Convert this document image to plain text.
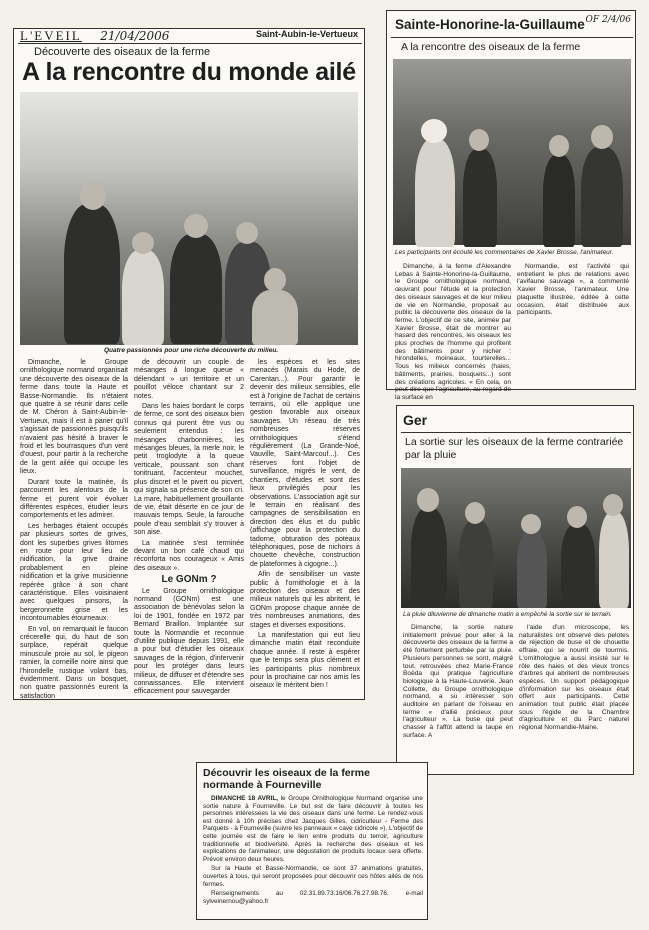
L'EVEIL 21/04/2006	Saint-Aubin-le-Vertueux
Découverte des oiseaux de la ferme
A la rencontre du monde ailé
Quatre passionnés pour une riche découverte du milieu.

Dimanche, le Groupe ornithologique normand organisait une découverte des oiseaux de la ferme dans toute la Haute et Basse-Normandie. Ils n'étaient que quatre à se réunir dans celle de M. Chéron à Saint-Aubin-le-Vertueux, mais il est à parier qu'il s'agissait de passionnés puisqu'ils n'avaient pas hésité à braver le froid et les bourrasques d'un vent d'ouest, pour partir à la recherche de la gent ailée qui occupe les lieux.

Durant toute la matinée, ils parcourent les alentours de la ferme et purent voir évoluer différentes espèces, étudier leurs comportements et les admirer.

Les herbages étaient occupés par plusieurs sortes de grives, dont les superbes grives litornes en route pour leur lieu de nidification, la grive draine probablement en pleine nidification et la grive musicienne repérée grâce à son chant caractéristique. Elles voisinaient avec quelques pinsons, la bergeronnette grise et les incontournables étourneaux.

En vol, on remarquait le faucon crécerelle qui, du haut de son surplace, repérait quelque minuscule proie au sol, le pigeon ramier, la corneille noire ainsi que l'hirondelle rustique volant bas, évidemment. Dans un bosquet, non quatre passionnés eurent la satisfaction

de découvrir un couple de mésanges à longue queue « délendant » un territoire et un pouillot véloce chantant sur 2 notes.

Dans les haies bordant le corps de ferme, ce sont des oiseaux bien connus qui purent être vus ou seulement entendus : les mésanges charbonnières, les mésanges bleues, la merle noir, le petit troglodyte à la queue verticale, poussant son chant tonitruant, l'accenteur mouchet, plus discret et le pivert ou picvert, qui signala sa présence de son cri. La mare, habituellement grouillante de vie, était déserte en ce jour de mauvais temps. Seule, la farouche poule d'eau semblait s'y trouver à son aise.

La matinée s'est terminée devant un bon café chaud qui réconforta nos courageux « Amis des oiseaux ».

Le GONm ?

Le Groupe ornithologique normand (GONm) est une association de bénévolas selon la loi de 1901, fondée en 1972 par Bernard Braillon. Implantée sur toute la Normandie et reconnue d'utilité publique depuis 1991, elle a pour but d'étudier les oiseaux sauvages de la région, d'intervenir pour les protéger dans leurs milieux, de diffuser et d'étendre ses connaissances. Elle intervient efficacement pour sauvegarder

les espèces et les sites menacés (Marais du Hode, de Carentan...). Pour garantir le devenir des milieux sensibles, elle est à l'origine de l'achat de certains terrains, où elle applique une gestion favorable aux oiseaux sauvages. Un réseau de très nombreuses réserves ornithologiques s'étend régulièrement (La Grande-Noé, Vauville, Saint-Marcouf...). Ces réserves font l'objet de surveillance, migrés le vent, de chantiers, d'études et sont des lieux privilégiés pour les observations. L'association agit sur le terrain en réalisant des campagnes de sensibilisation en direction des élus et du public (affichage pour la protection du tadorne, obturation des poteaux téléphoniques, pose de nichoirs à chouette chevêche, construction de plateformes à cigogne...).

Afin de sensibiliser un vaste public à l'ornithologie et à la protection des oiseaux et des milieux naturels qui les abritent, le GONm propose chaque année de très nombreuses animations, des stages et diverses expositions.

La manifestation qui eut lieu dimanche matin était reconduite chaque année. Il reste à espérer que le temps sera plus clément et les participants plus nombreux pour la prochaine car nos amis les oiseaux le méritent bien !

Sainte-Honorine-la-Guillaume OF 2/4/06
A la rencontre des oiseaux de la ferme
Les participants ont écouté les commentaires de Xavier Brosse, l'animateur.

Dimanche, à la ferme d'Alexandre Lebas à Sainte-Honorine-la-Guillaume, le Groupe ornithologique normand, œuvrant pour l'étude et la protection des oiseaux sauvages et de leur milieu de vie en Normandie, proposait au public la découverte des oiseaux de la ferme. L'objectif de ce site, animée par Xavier Brosse, était de montrer au hasard des rencontres, les oiseaux les plus proches de l'homme qui profitent des bâtiments pour y nicher : hirondelles, moineaux, tourterelles... Tous les milieux concernés (haies, bâtiments, prairies, bosquets...) sont des créations agricoles. « En cela, on peut dire que l'agriculture, au regard de la surface en

Normandie, est l'activité qui entretient le plus de relations avec l'avifaune sauvage », a commenté Xavier Brosse, l'animateur. Une plaquette illustrée, éditée à cette occasion, était distribuée aux participants.

Ger
La sortie sur les oiseaux de la ferme contrariée par la pluie
La pluie diluvienne de dimanche matin a empêché la sortie sur le terrain.

Dimanche, la sortie nature initialement prévue pour aller à la découverte des oiseaux de la ferme a été fortement perturbée par la pluie. Plusieurs personnes se sont, malgré tout, retrouvées chez Marie-France Boëda qui pratique l'agriculture biologique à la Haute-Louverie. Jean Collette, du Groupe ornithologique normand, a su intéresser son auditoire en parlant de l'oiseau en terme « d'allié précieux pour l'agriculteur ». La buse qui peut chasser à l'affût attend la taupe en surface. A

l'aide d'un microscope, les naturalistes ont observé des pelotes de réjection de buse et de chouette effraie, qui se nourrit de tourmis. L'ornithologue a aussi insisté sur le rôle des haies et des vieux troncs d'arbres qui abritent de nombreuses espèces. Un support pédagogique d'information sur les oiseaux était offert aux participants. Cette animation tout public était placée sous l'égide de la Chambre d'agriculture et du Parc naturel régional Normandie-Maine.

Découvrir les oiseaux de la ferme normande à Fourneville

DIMANCHE 18 AVRIL, le Groupe Ornithologique Normand organise une sortie nature à Fourneville. Le but est de faire découvrir à toutes les personnes intéressées la vie des oiseaux dans une ferme. Le rendez-vous est donné à 10h précises chez Jacques Gilles, cidriculteur - Ferme des Parquets - à Fourneville (suivre les panneaux « cave cidricole »). L'objectif de cette journée est de faire le lien entre produits du terroir, agriculture traditionnelle et biodiversité. Après la recherche des oiseaux et les explications de l'animateur, une dégustation de produits locaux sera offerte. Prévoir environ deux heures.

Sur la Haute et Basse-Normandie, ce sont 37 animations gratuites, ouvertes à tous, qui seront proposées pour découvrir ces hôtes ailés de nos fermes.

Renseignements au 02.31.89.73.16/06.76.27.98.76. e-mail sylveinernou@yahoo.fr
